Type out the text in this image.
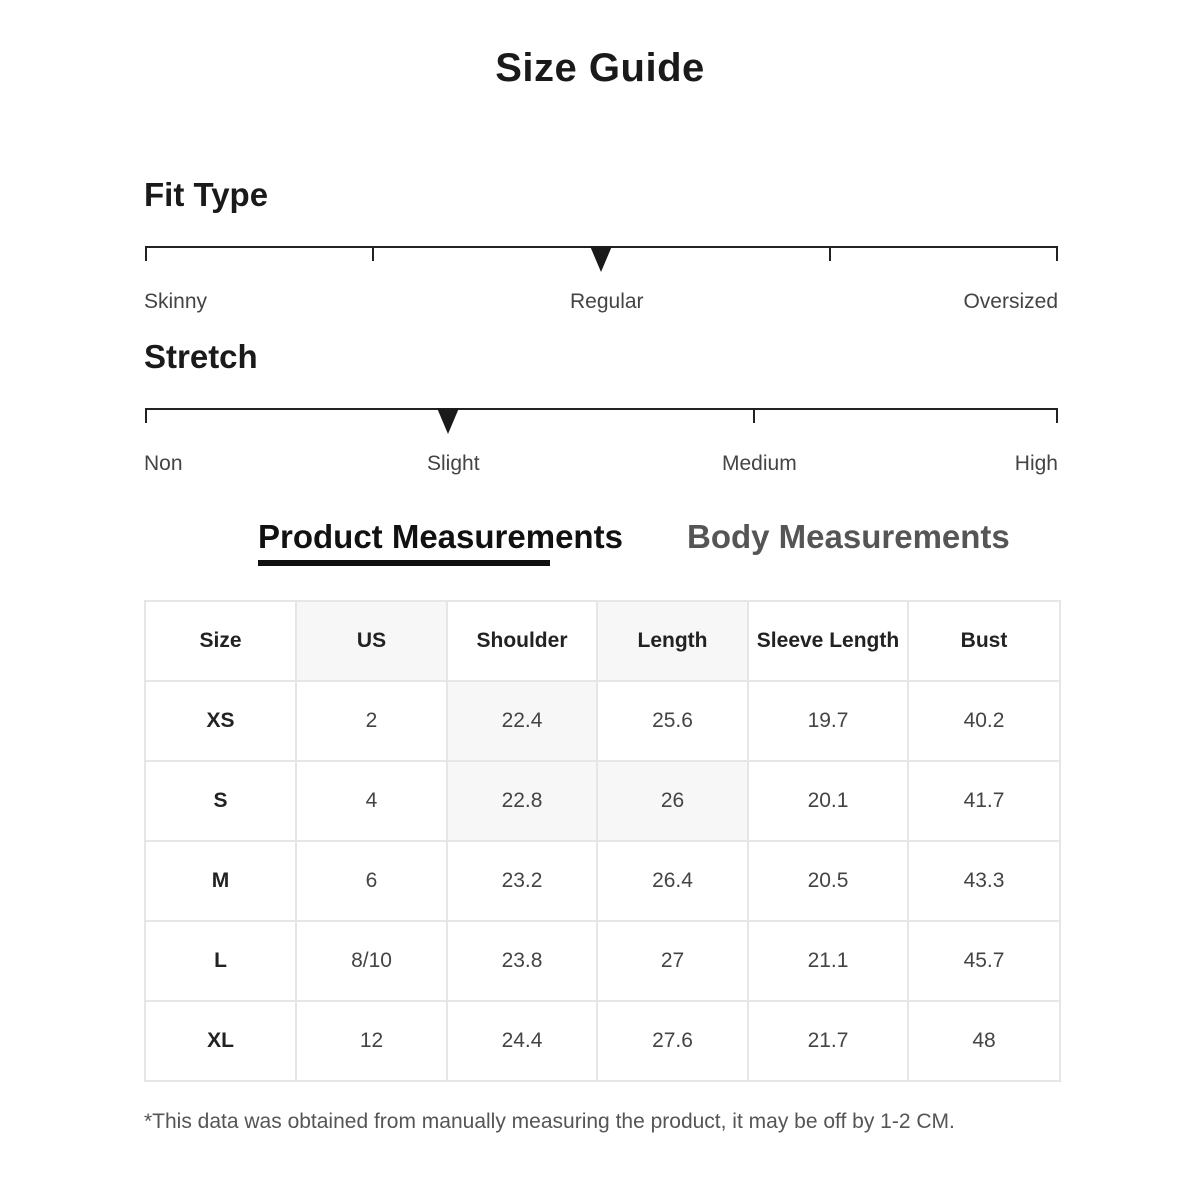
Size Guide
Fit Type
Skinny	Regular	Oversized
Stretch
Non	Slight	Medium	High
Product Measurements Body Measurements
Size	US	Shoulder	Length	Sleeve Length	Bust
XS	2	22.4	25.6	19.7	40.2
S	4	22.8	26	20.1	41.7
M	6	23.2	26.4	20.5	43.3
L	8/10	23.8	27	21.1	45.7
XL	12	24.4	27.6	21.7	48
*This data was obtained from manually measuring the product, it may be off by 1-2 CM.
